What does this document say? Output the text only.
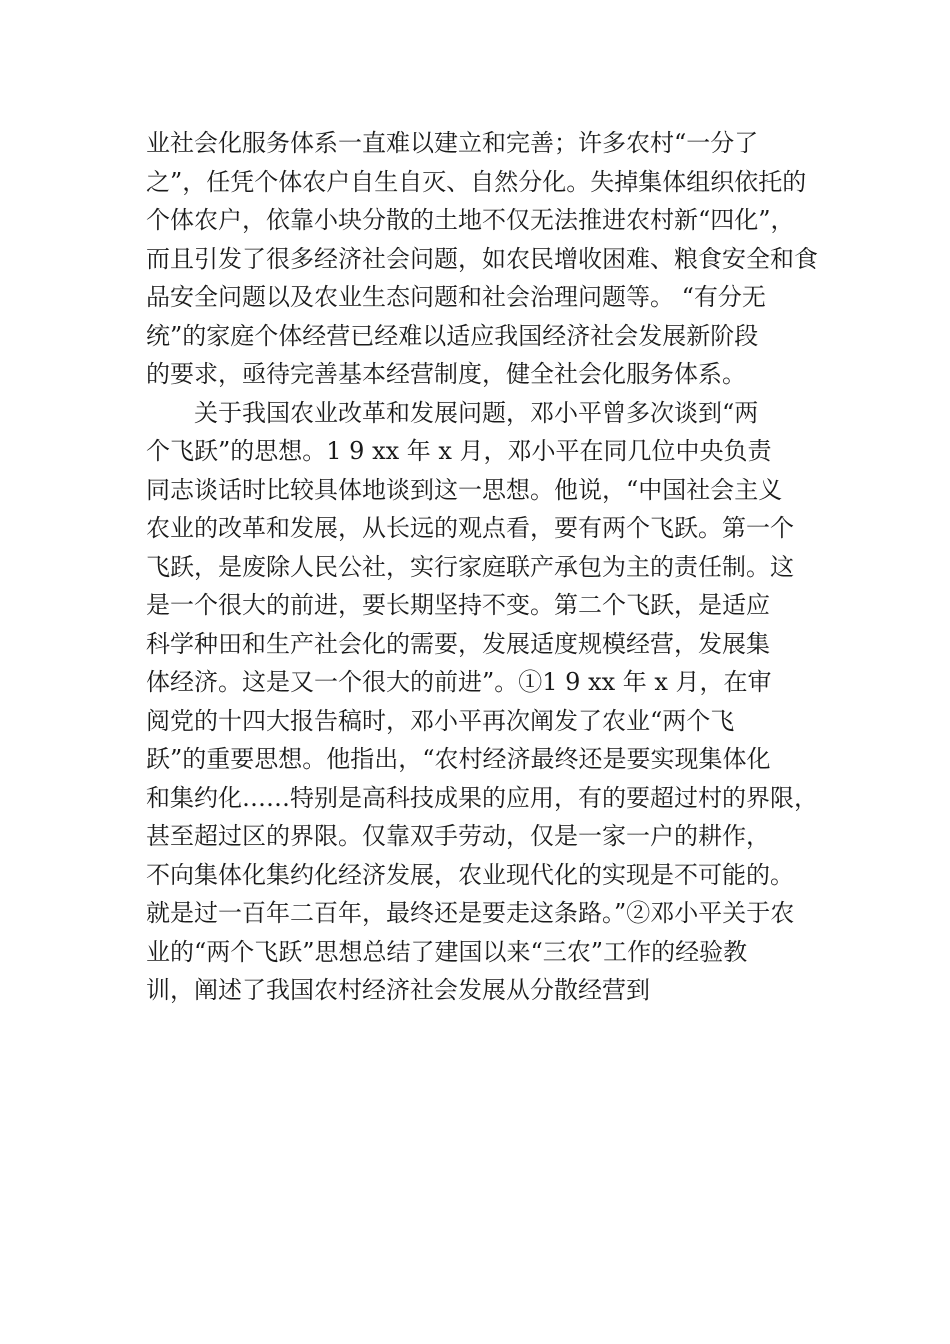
业社会化服务体系一直难以建立和完善；许多农村“一分了
之”，任凭个体农户自生自灭、自然分化。失掉集体组织依托的
个体农户，依靠小块分散的土地不仅无法推进农村新“四化”，
而且引发了很多经济社会问题，如农民增收困难、粮食安全和食
品安全问题以及农业生态问题和社会治理问题等。 “有分无
统”的家庭个体经营已经难以适应我国经济社会发展新阶段
的要求，亟待完善基本经营制度，健全社会化服务体系。
关于我国农业改革和发展问题，邓小平曾多次谈到“两
个飞跃”的思想。1 9 xx 年 x 月，邓小平在同几位中央负责
同志谈话时比较具体地谈到这一思想。他说，“中国社会主义
农业的改革和发展，从长远的观点看，要有两个飞跃。第一个
飞跃，是废除人民公社，实行家庭联产承包为主的责任制。这
是一个很大的前进，要长期坚持不变。第二个飞跃，是适应
科学种田和生产社会化的需要，发展适度规模经营，发展集
体经济。这是又一个很大的前进”。①1 9 xx 年 x 月，在审
阅党的十四大报告稿时，邓小平再次阐发了农业“两个飞
跃”的重要思想。他指出，“农村经济最终还是要实现集体化
和集约化……特别是高科技成果的应用，有的要超过村的界限，
甚至超过区的界限。仅靠双手劳动，仅是一家一户的耕作，
不向集体化集约化经济发展，农业现代化的实现是不可能的。
就是过一百年二百年，最终还是要走这条路。”②邓小平关于农
业的“两个飞跃”思想总结了建国以来“三农”工作的经验教
训，阐述了我国农村经济社会发展从分散经营到
